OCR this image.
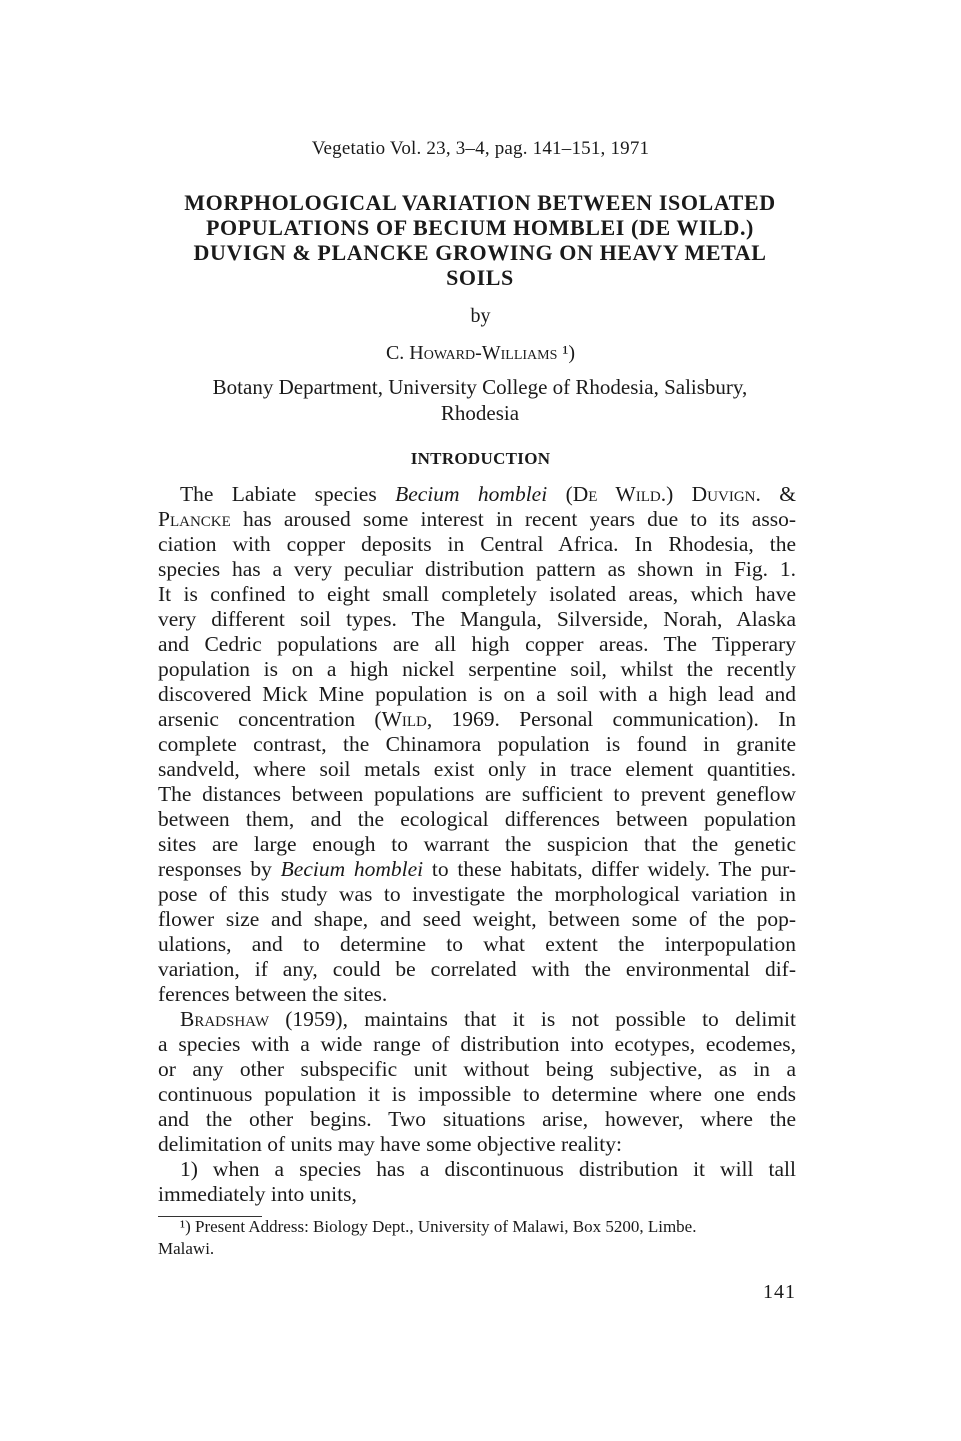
Vegetatio Vol. 23, 3–4, pag. 141–151, 1971
MORPHOLOGICAL VARIATION BETWEEN ISOLATED
POPULATIONS OF BECIUM HOMBLEI (DE WILD.)
DUVIGN & PLANCKE GROWING ON HEAVY METAL
SOILS
by
C. Howard-Williams ¹)
Botany Department, University College of Rhodesia, Salisbury,
Rhodesia
INTRODUCTION
The Labiate species Becium homblei (De Wild.) Duvign. &
Plancke has aroused some interest in recent years due to its asso-
ciation with copper deposits in Central Africa. In Rhodesia, the
species has a very peculiar distribution pattern as shown in Fig. 1.
It is confined to eight small completely isolated areas, which have
very different soil types. The Mangula, Silverside, Norah, Alaska
and Cedric populations are all high copper areas. The Tipperary
population is on a high nickel serpentine soil, whilst the recently
discovered Mick Mine population is on a soil with a high lead and
arsenic concentration (Wild, 1969. Personal communication). In
complete contrast, the Chinamora population is found in granite
sandveld, where soil metals exist only in trace element quantities.
The distances between populations are sufficient to prevent geneflow
between them, and the ecological differences between population
sites are large enough to warrant the suspicion that the genetic
responses by Becium homblei to these habitats, differ widely. The pur-
pose of this study was to investigate the morphological variation in
flower size and shape, and seed weight, between some of the pop-
ulations, and to determine to what extent the interpopulation
variation, if any, could be correlated with the environmental dif-
ferences between the sites.
Bradshaw (1959), maintains that it is not possible to delimit
a species with a wide range of distribution into ecotypes, ecodemes,
or any other subspecific unit without being subjective, as in a
continuous population it is impossible to determine where one ends
and the other begins. Two situations arise, however, where the
delimitation of units may have some objective reality:
1) when a species has a discontinuous distribution it will tall
immediately into units,
¹) Present Address: Biology Dept., University of Malawi, Box 5200, Limbe.
Malawi.
141
